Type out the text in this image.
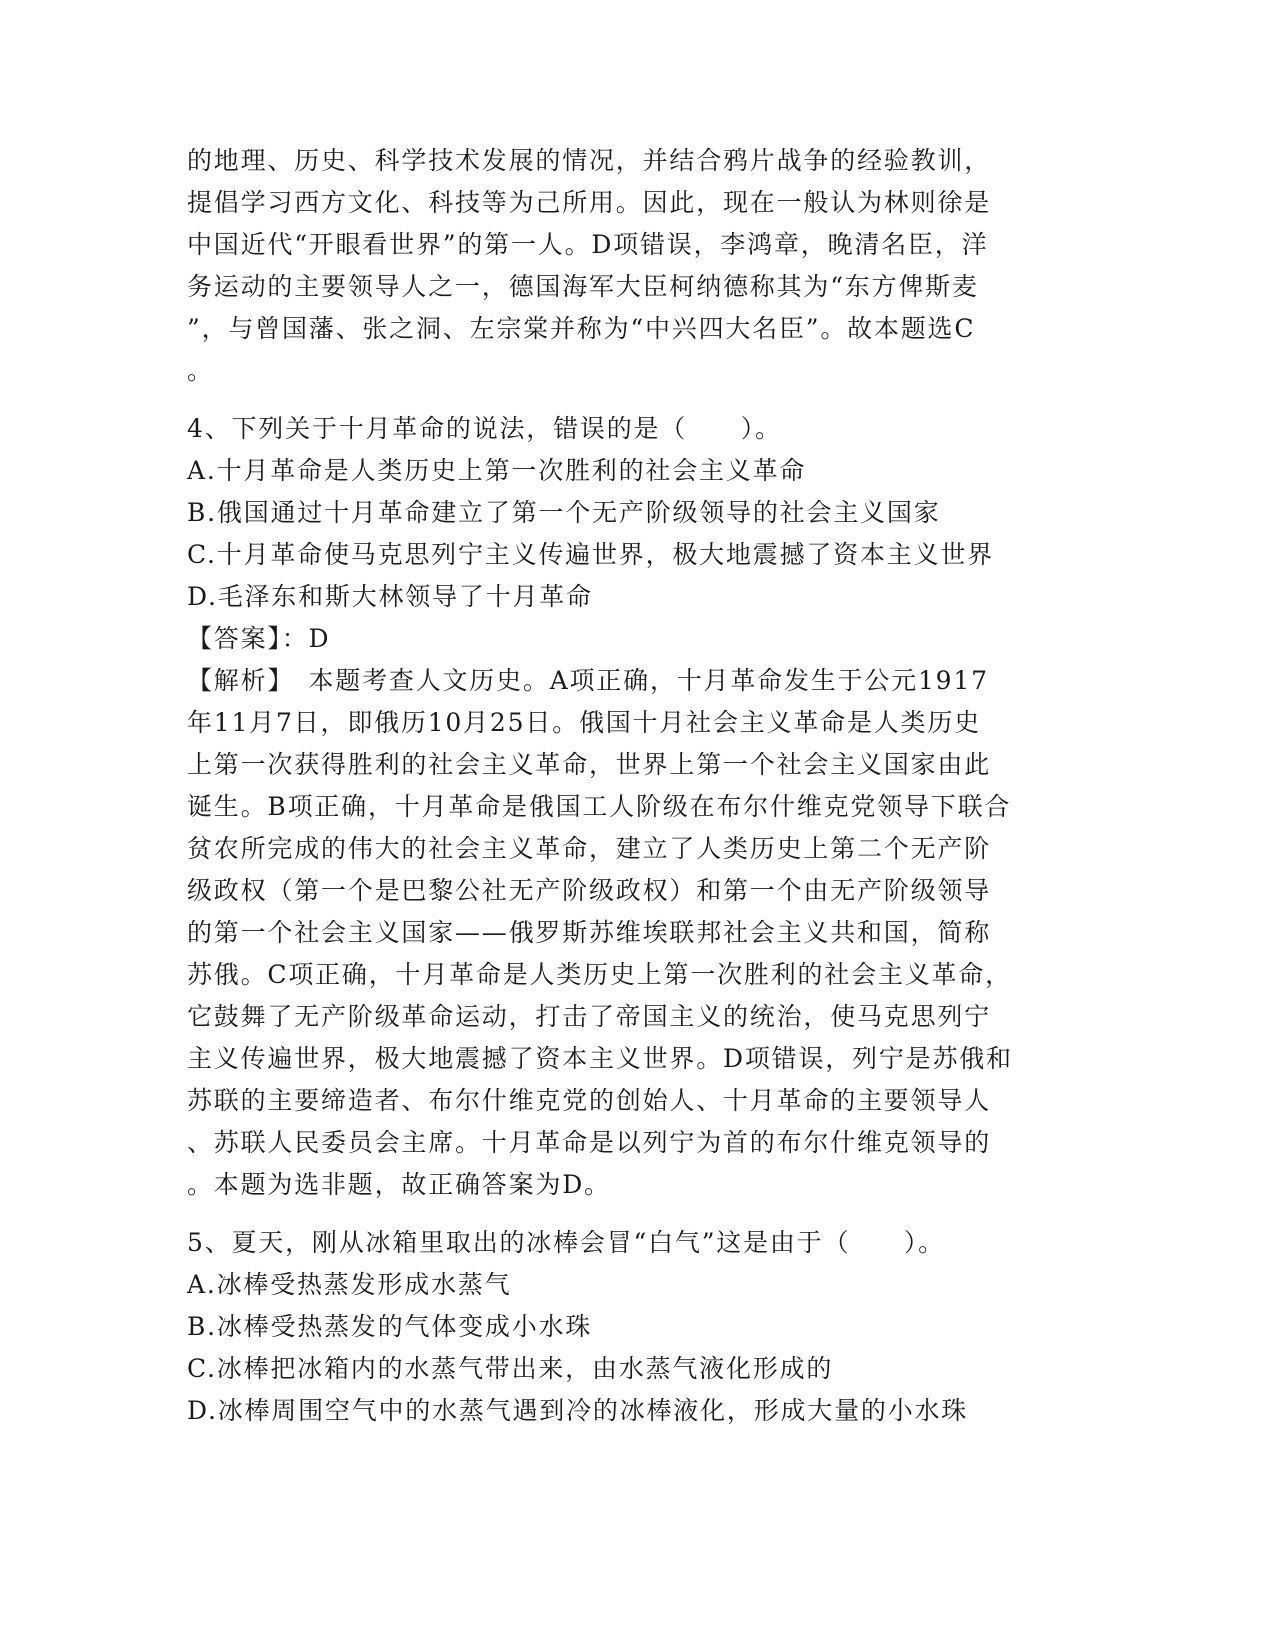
的地理、历史、科学技术发展的情况，并结合鸦片战争的经验教训，
提倡学习西方文化、科技等为己所用。因此，现在一般认为林则徐是
中国近代“开眼看世界”的第一人。D项错误，李鸿章，晚清名臣，洋
务运动的主要领导人之一，德国海军大臣柯纳德称其为“东方俾斯麦
”，与曾国藩、张之洞、左宗棠并称为“中兴四大名臣”。故本题选C
。
4、下列关于十月革命的说法，错误的是（　　）。
A.十月革命是人类历史上第一次胜利的社会主义革命
B.俄国通过十月革命建立了第一个无产阶级领导的社会主义国家
C.十月革命使马克思列宁主义传遍世界，极大地震撼了资本主义世界
D.毛泽东和斯大林领导了十月革命
【答案】：D
【解析】　本题考查人文历史。A项正确，十月革命发生于公元1917
年11月7日，即俄历10月25日。俄国十月社会主义革命是人类历史
上第一次获得胜利的社会主义革命，世界上第一个社会主义国家由此
诞生。B项正确，十月革命是俄国工人阶级在布尔什维克党领导下联合
贫农所完成的伟大的社会主义革命，建立了人类历史上第二个无产阶
级政权（第一个是巴黎公社无产阶级政权）和第一个由无产阶级领导
的第一个社会主义国家——俄罗斯苏维埃联邦社会主义共和国，简称
苏俄。C项正确，十月革命是人类历史上第一次胜利的社会主义革命，
它鼓舞了无产阶级革命运动，打击了帝国主义的统治，使马克思列宁
主义传遍世界，极大地震撼了资本主义世界。D项错误，列宁是苏俄和
苏联的主要缔造者、布尔什维克党的创始人、十月革命的主要领导人
、苏联人民委员会主席。十月革命是以列宁为首的布尔什维克领导的
。本题为选非题，故正确答案为D。
5、夏天，刚从冰箱里取出的冰棒会冒“白气”这是由于（　　）。
A.冰棒受热蒸发形成水蒸气
B.冰棒受热蒸发的气体变成小水珠
C.冰棒把冰箱内的水蒸气带出来，由水蒸气液化形成的
D.冰棒周围空气中的水蒸气遇到冷的冰棒液化，形成大量的小水珠
